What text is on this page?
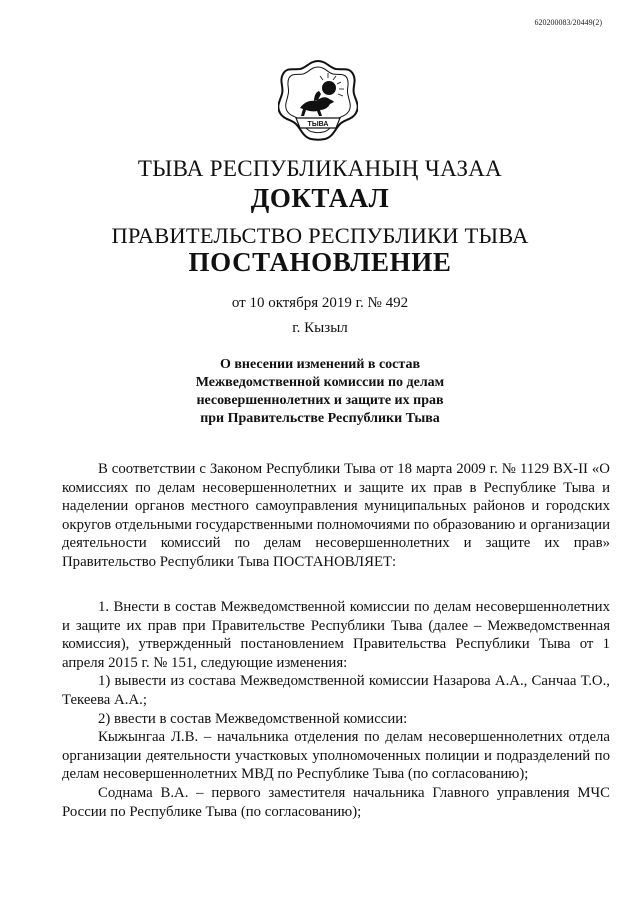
620200083/20449(2)
ТЫВА
ТЫВА РЕСПУБЛИКАНЫҢ ЧАЗАА
ДОКТААЛ
ПРАВИТЕЛЬСТВО РЕСПУБЛИКИ ТЫВА
ПОСТАНОВЛЕНИЕ
от 10 октября 2019 г. № 492
г. Кызыл
О внесении изменений в состав
Межведомственной комиссии по делам
несовершеннолетних и защите их прав
при Правительстве Республики Тыва

В соответствии с Законом Республики Тыва от 18 марта 2009 г. № 1129 ВХ-II «О комиссиях по делам несовершеннолетних и защите их прав в Республике Тыва и наделении органов местного самоуправления муниципальных районов и городских округов отдельными государственными полномочиями по образованию и организации деятельности комиссий по делам несовершеннолетних и защите их прав» Правительство Республики Тыва ПОСТАНОВЛЯЕТ:

1. Внести в состав Межведомственной комиссии по делам несовершеннолетних и защите их прав при Правительстве Республики Тыва (далее – Межведомственная комиссия), утвержденный постановлением Правительства Республики Тыва от 1 апреля 2015 г. № 151, следующие изменения:

1) вывести из состава Межведомственной комиссии Назарова А.А., Санчаа Т.О., Текеева А.А.;

2) ввести в состав Межведомственной комиссии:

Кыжынгаа Л.В. – начальника отделения по делам несовершеннолетних отдела организации деятельности участковых уполномоченных полиции и подразделений по делам несовершеннолетних МВД по Республике Тыва (по согласованию);

Соднама В.А. – первого заместителя начальника Главного управления МЧС России по Республике Тыва (по согласованию);
